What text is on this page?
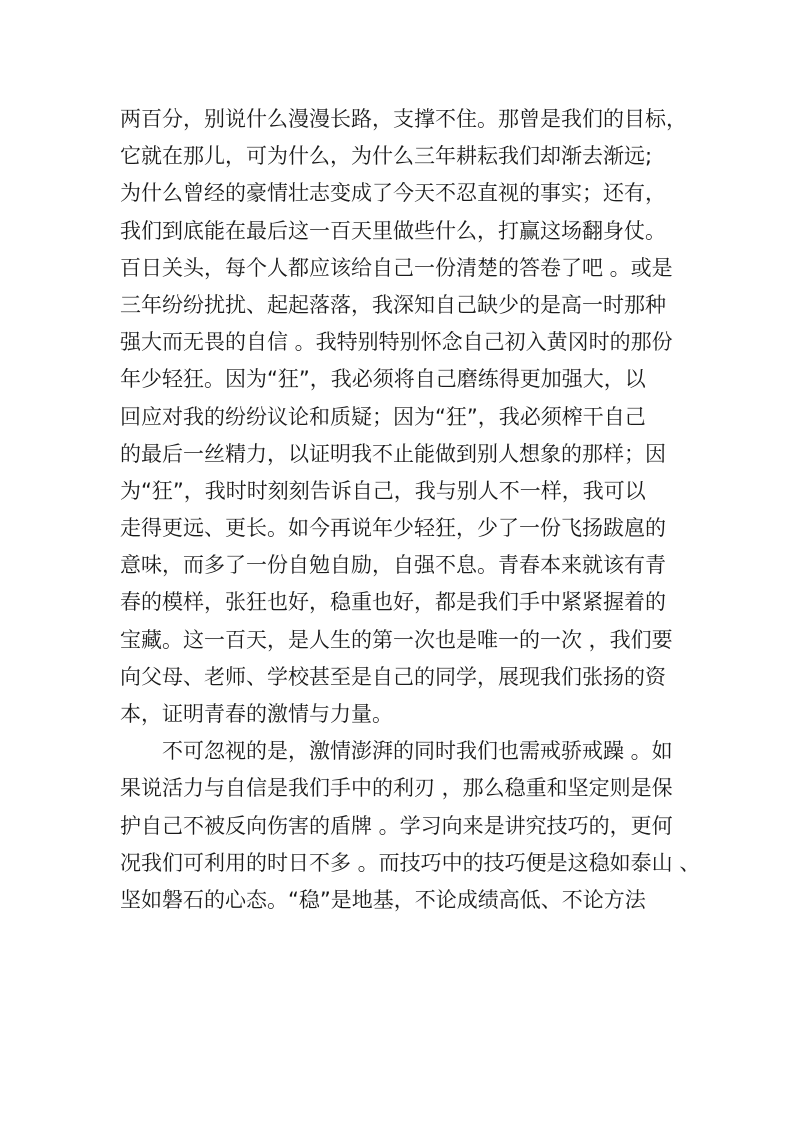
两百分，别说什么漫漫长路，支撑不住。那曾是我们的目标，
它就在那儿，可为什么，为什么三年耕耘我们却渐去渐远;
为什么曾经的豪情壮志变成了今天不忍直视的事实；还有，
我们到底能在最后这一百天里做些什么，打赢这场翻身仗。
百日关头，每个人都应该给自己一份清楚的答卷了吧 。或是
三年纷纷扰扰、起起落落，我深知自己缺少的是高一时那种
强大而无畏的自信 。我特别特别怀念自己初入黄冈时的那份
年少轻狂。因为“狂”，我必须将自己磨练得更加强大，以
回应对我的纷纷议论和质疑；因为“狂”，我必须榨干自己
的最后一丝精力，以证明我不止能做到别人想象的那样；因
为“狂”，我时时刻刻告诉自己，我与别人不一样，我可以
走得更远、更长。如今再说年少轻狂，少了一份飞扬跋扈的
意味，而多了一份自勉自励，自强不息。青春本来就该有青
春的模样，张狂也好，稳重也好，都是我们手中紧紧握着的
宝藏。这一百天，是人生的第一次也是唯一的一次 ，我们要
向父母、老师、学校甚至是自己的同学，展现我们张扬的资
本，证明青春的激情与力量。
不可忽视的是，激情澎湃的同时我们也需戒骄戒躁 。如
果说活力与自信是我们手中的利刃 ，那么稳重和坚定则是保
护自己不被反向伤害的盾牌 。学习向来是讲究技巧的，更何
况我们可利用的时日不多 。而技巧中的技巧便是这稳如泰山 、
坚如磐石的心态。“稳”是地基，不论成绩高低、不论方法
